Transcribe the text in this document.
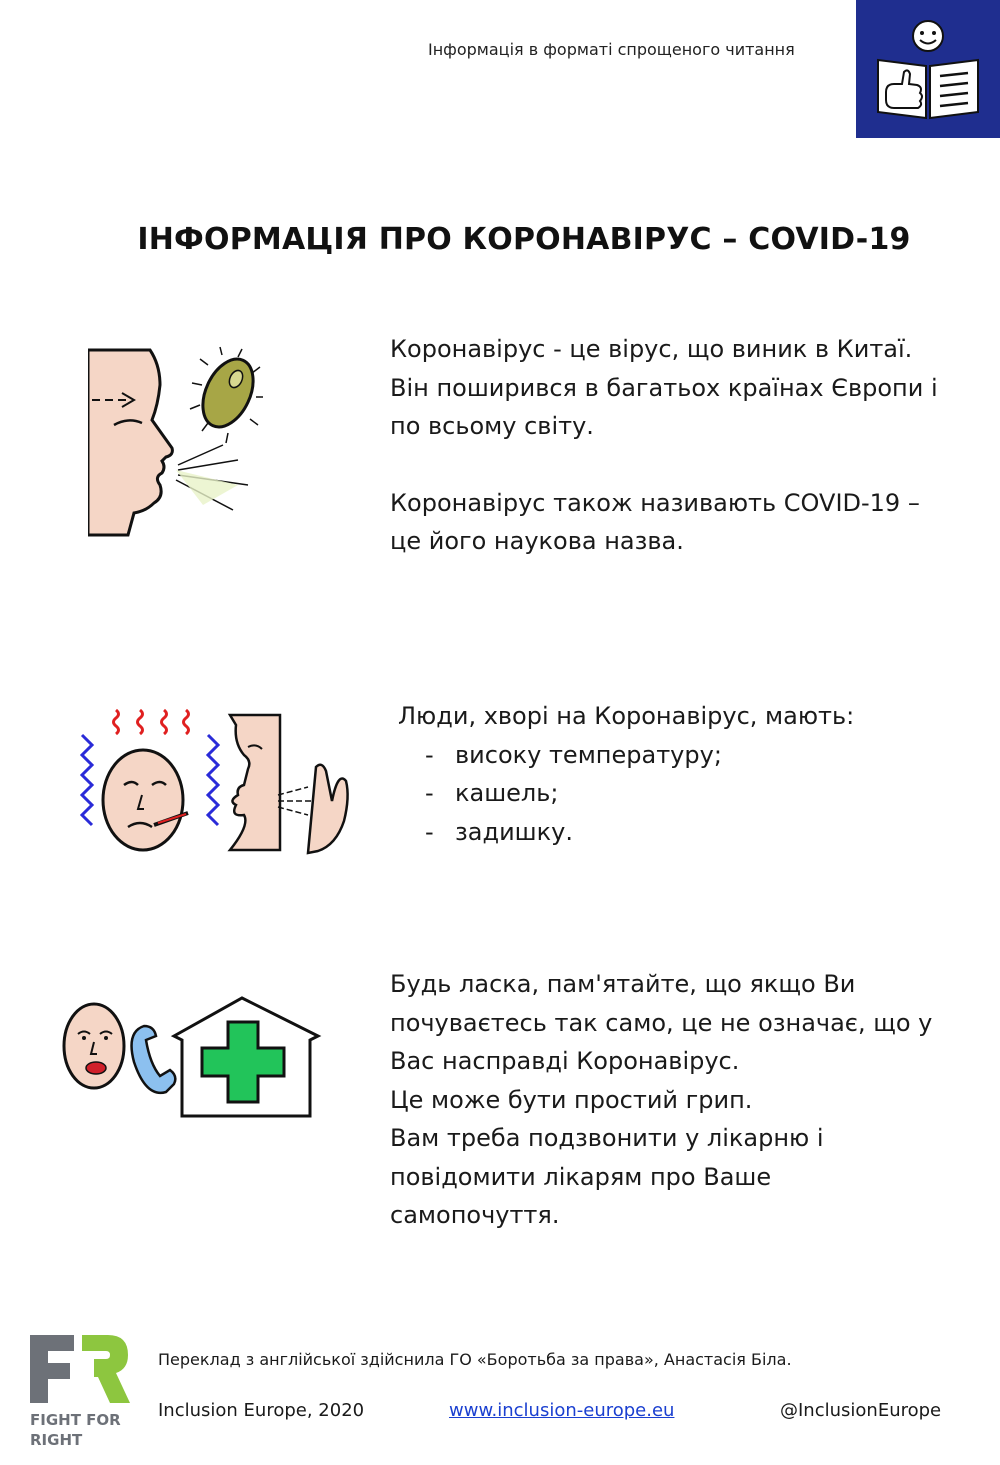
Інформація в форматі спрощеного читання
ІНФОРМАЦІЯ ПРО КОРОНАВІРУС – COVID-19
Коронавірус - це вірус, що виник в Китаї.
Він поширився в багатьох країнах Європи і
по всьому світу.
Коронавірус також називають COVID-19 –
це його наукова назва.
Люди, хворі на Коронавірус, мають:
- високу температуру;
- кашель;
- задишку.
Будь ласка, пам'ятайте, що якщо Ви
почуваєтесь так само, це не означає, що у
Вас насправді Коронавірус.
Це може бути простий грип.
Вам треба подзвонити у лікарню і
повідомити лікарям про Ваше
самопочуття.
FIGHT FOR
RIGHT
Переклад з англійської здійснила ГО «Боротьба за права», Анастасія Біла.
Inclusion Europe, 2020	www.inclusion-europe.eu	@InclusionEurope
